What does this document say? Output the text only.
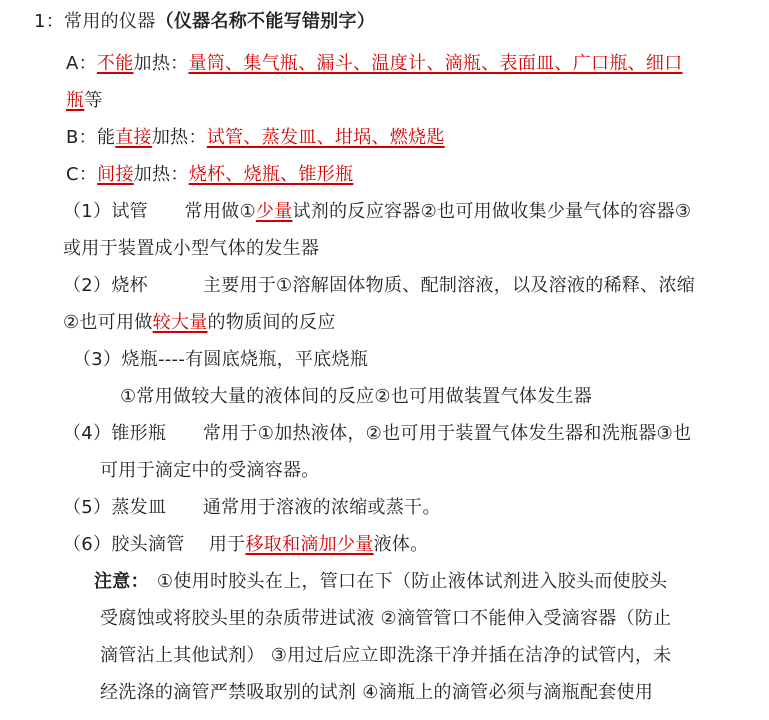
1：常用的仪器（仪器名称不能写错别字）
A：不能加热：量筒、集气瓶、漏斗、温度计、滴瓶、表面皿、广口瓶、细口
瓶等
B：能直接加热：试管、蒸发皿、坩埚、燃烧匙
C：间接加热：烧杯、烧瓶、锥形瓶
（1）试管　　常用做①少量试剂的反应容器②也可用做收集少量气体的容器③
或用于装置成小型气体的发生器
（2）烧杯　　　主要用于①溶解固体物质、配制溶液，以及溶液的稀释、浓缩
②也可用做较大量的物质间的反应
（3）烧瓶----有圆底烧瓶，平底烧瓶
①常用做较大量的液体间的反应②也可用做装置气体发生器
（4）锥形瓶　　常用于①加热液体，②也可用于装置气体发生器和洗瓶器③也
可用于滴定中的受滴容器。
（5）蒸发皿　　通常用于溶液的浓缩或蒸干。
（6）胶头滴管　 用于移取和滴加少量液体。
注意： ①使用时胶头在上，管口在下（防止液体试剂进入胶头而使胶头
受腐蚀或将胶头里的杂质带进试液 ②滴管管口不能伸入受滴容器（防止
滴管沾上其他试剂） ③用过后应立即洗涤干净并插在洁净的试管内，未
经洗涤的滴管严禁吸取别的试剂 ④滴瓶上的滴管必须与滴瓶配套使用
